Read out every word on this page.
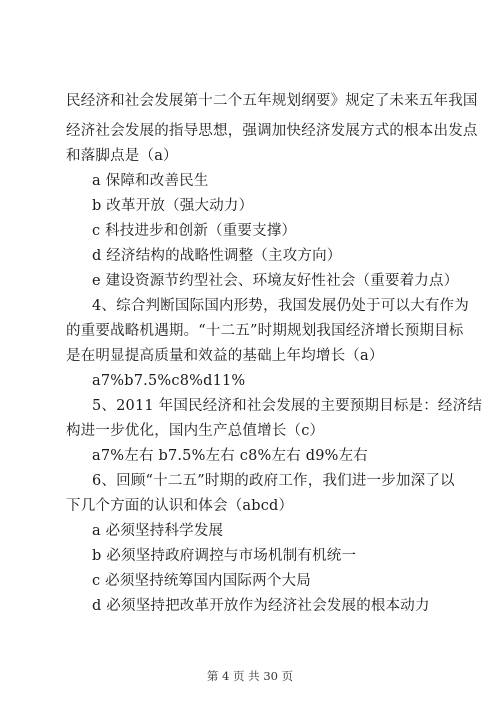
民经济和社会发展第十二个五年规划纲要》规定了未来五年我国
经济社会发展的指导思想，强调加快经济发展方式的根本出发点
和落脚点是（a）
a 保障和改善民生
b 改革开放（强大动力）
c 科技进步和创新（重要支撑）
d 经济结构的战略性调整（主攻方向）
e 建设资源节约型社会、环境友好性社会（重要着力点）
4、综合判断国际国内形势，我国发展仍处于可以大有作为
的重要战略机遇期。“十二五”时期规划我国经济增长预期目标
是在明显提高质量和效益的基础上年均增长（a）
a7%b7.5%c8%d11%
5、2011 年国民经济和社会发展的主要预期目标是：经济结
构进一步优化，国内生产总值增长（c）
a7%左右 b7.5%左右 c8%左右 d9%左右
6、回顾“十二五”时期的政府工作，我们进一步加深了以
下几个方面的认识和体会（abcd）
a 必须坚持科学发展
b 必须坚持政府调控与市场机制有机统一
c 必须坚持统筹国内国际两个大局
d 必须坚持把改革开放作为经济社会发展的根本动力
第 4 页 共 30 页
